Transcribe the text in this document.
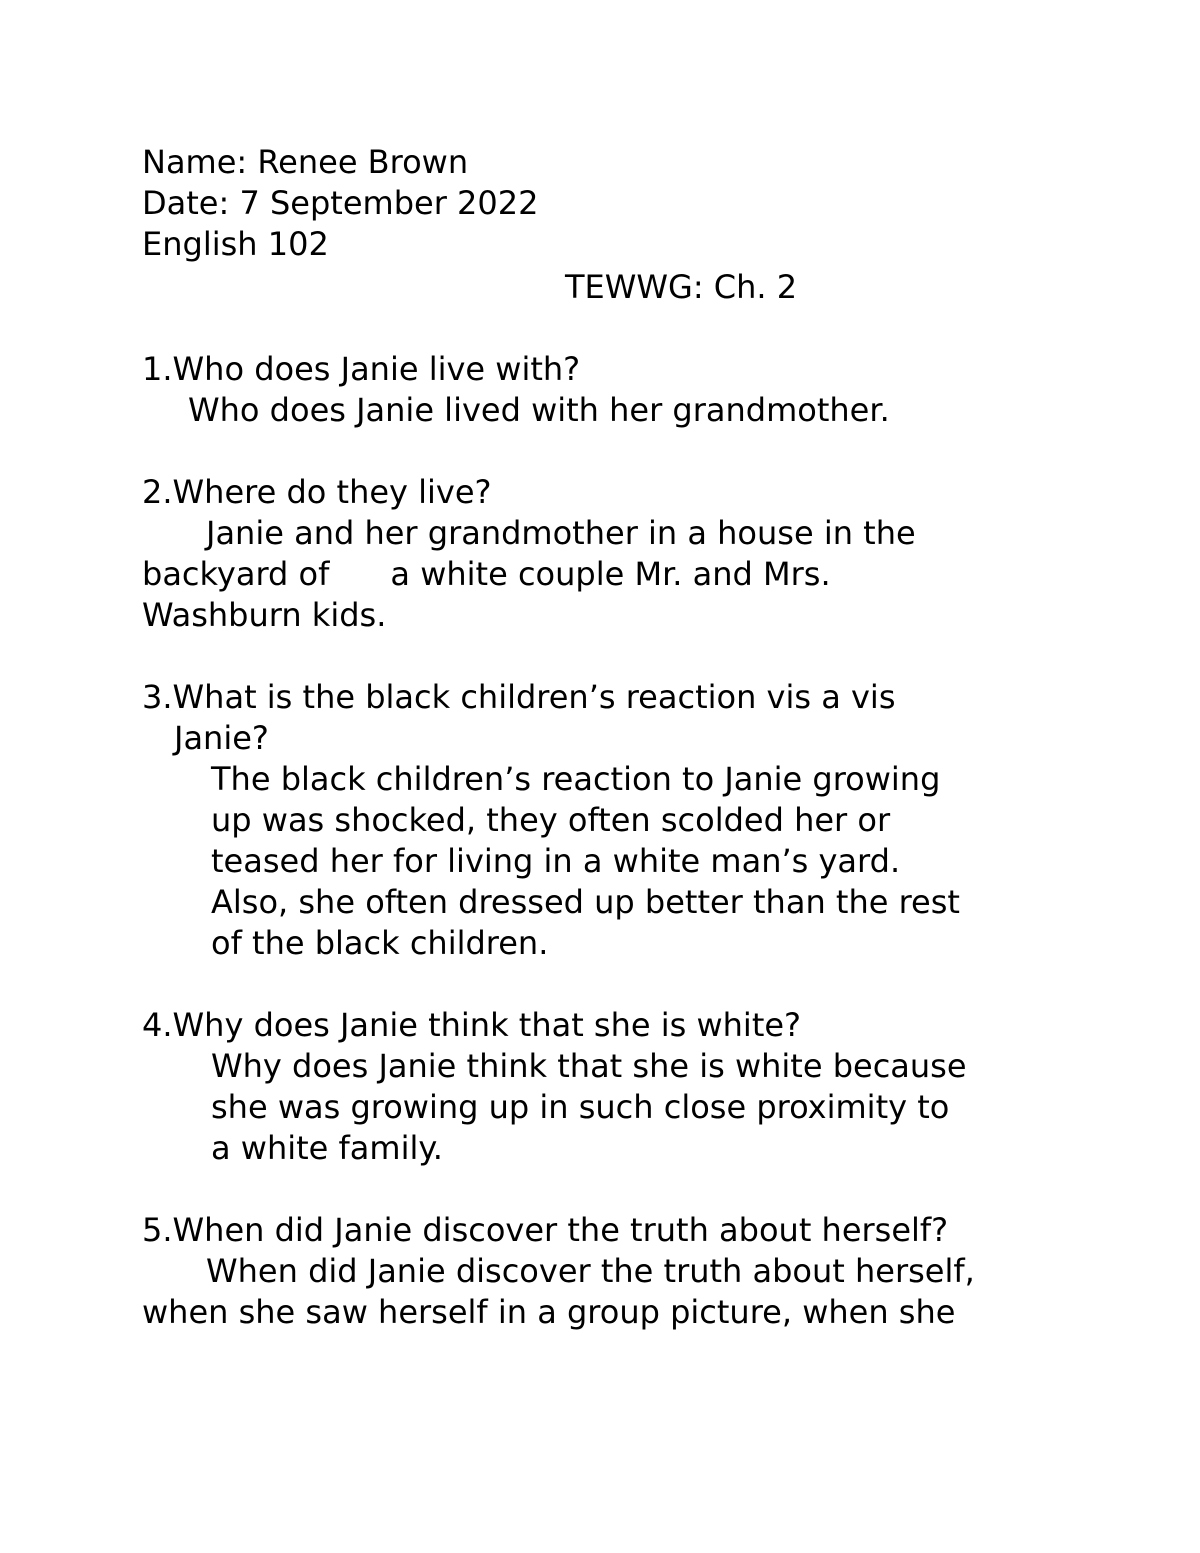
Name: Renee Brown

Date: 7 September 2022

English 102

TEWWG: Ch. 2

1.Who does Janie live with?

Who does Janie lived with her grandmother.

2.Where do they live?

Janie and her grandmother in a house in the

backyard of      a white couple Mr. and Mrs.

Washburn kids.

3.What is the black children’s reaction vis a vis

Janie?

The black children’s reaction to Janie growing

up was shocked, they often scolded her or

teased her for living in a white man’s yard.

Also, she often dressed up better than the rest

of the black children.

4.Why does Janie think that she is white?

Why does Janie think that she is white because

she was growing up in such close proximity to

a white family.

5.When did Janie discover the truth about herself?

When did Janie discover the truth about herself,

when she saw herself in a group picture, when she
